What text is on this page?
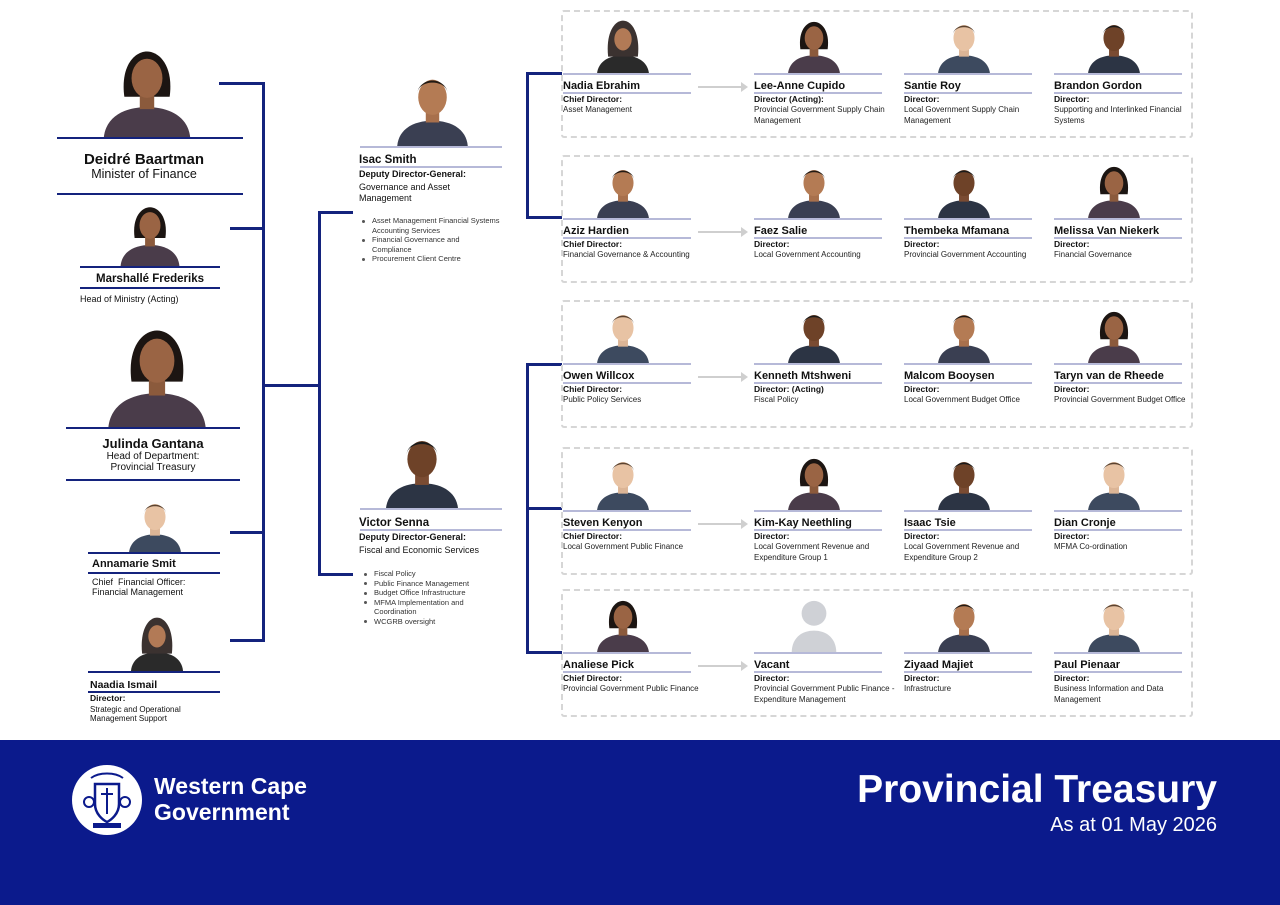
Deidré Baartman
Minister of Finance
Marshallé Frederiks
Head of Ministry (Acting)
Julinda Gantana
Head of Department:
Provincial Treasury
Annamarie Smit
Chief  Financial Officer:
Financial Management
Naadia Ismail
Director:
Strategic and Operational
Management Support
Isac Smith
Deputy Director-General:
Governance and Asset
Management
Asset Management Financial Systems Accounting Services
Financial Governance and Compliance
Procurement Client Centre
Victor Senna
Deputy Director-General:
Fiscal and Economic Services
Fiscal Policy
Public Finance Management
Budget Office Infrastructure
MFMA Implementation and Coordination
WCGRB oversight
Nadia Ebrahim
Chief Director:
Asset Management
Lee-Anne Cupido
Director (Acting):
Provincial Government Supply Chain Management
Santie Roy
Director:
Local Government Supply Chain Management
Brandon Gordon
Director:
Supporting and Interlinked Financial Systems
Aziz Hardien
Chief Director:
Financial Governance & Accounting
Faez Salie
Director:
Local Government Accounting
Thembeka Mfamana
Director:
Provincial Government Accounting
Melissa Van Niekerk
Director:
Financial Governance
Owen Willcox
Chief Director:
Public Policy Services
Kenneth Mtshweni
Director: (Acting)
Fiscal Policy
Malcom Booysen
Director:
Local Government Budget Office
Taryn van de Rheede
Director:
Provincial Government Budget Office
Steven Kenyon
Chief Director:
Local Government Public Finance
Kim-Kay Neethling
Director:
Local Government Revenue and Expenditure Group 1
Isaac Tsie
Director:
Local Government Revenue and Expenditure Group 2
Dian Cronje
Director:
MFMA Co-ordination
Analiese Pick
Chief Director:
Provincial Government Public Finance
Vacant
Director:
Provincial Government Public Finance - Expenditure Management
Ziyaad Majiet
Director:
Infrastructure
Paul Pienaar
Director:
Business Information and Data Management
Western Cape
Government
Provincial Treasury
As at 01 May 2026
